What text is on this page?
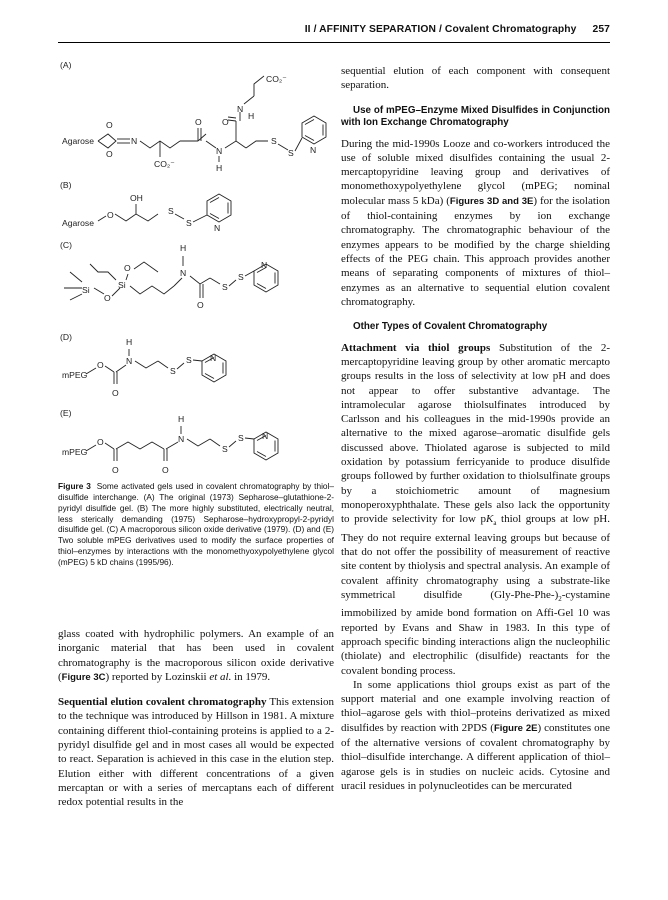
II / AFFINITY SEPARATION / Covalent Chromatography 257
(A)
Agarose
O
O
N
CO₂⁻
O
N
H
O
N
H
CO₂⁻
S
S N
(B)
Agarose
O
OH
S
S	N
(C)
Si
O
Si
O	N
H
O
S
S
N
(D)
mPEG
O
O
N
H
S
S N
(E)
mPEG
O
O	O
N
H
S
S N
Figure 3 Some activated gels used in covalent chromatography by thiol–disulfide interchange. (A) The original (1973) Sepharose–glutathione-2-pyridyl disulfide gel. (B) The more highly substituted, electrically neutral, less sterically demanding (1975) Sepharose–hydroxypropyl-2-pyridyl disulfide gel. (C) A macroporous silicon oxide derivative (1979). (D) and (E) Two soluble mPEG derivatives used to modify the surface properties of thiol–enzymes by interactions with the monomethyoxypolyethylene glycol (mPEG) 5 kD chains (1995/96).

glass coated with hydrophilic polymers. An example of an inorganic material that has been used in covalent chromatography is the macroporous silicon oxide derivative (Figure 3C) reported by Lozinskii et al. in 1979.

Sequential elution covalent chromatography This extension to the technique was introduced by Hillson in 1981. A mixture containing different thiol-containing proteins is applied to a 2-pyridyl disulfide gel and in most cases all would be expected to react. Separation is achieved in this case in the elution step. Elution either with different concentrations of a given mercaptan or with a series of mercaptans each of different redox potential results in the

sequential elution of each component with consequent separation.

Use of mPEG–Enzyme Mixed Disulfides in Conjunction with Ion Exchange Chromatography

During the mid-1990s Looze and co-workers introduced the use of soluble mixed disulfides containing the usual 2-mercaptopyridine leaving group and derivatives of monomethoxypolyethylene glycol (mPEG; nominal molecular mass 5 kDa) (Figures 3D and 3E) for the isolation of thiol-containing enzymes by ion exchange chromatography. The chromatographic behaviour of the enzymes appears to be modified by the charge shielding effects of the PEG chain. This approach provides another means of separating components of mixtures of thiol–enzymes as an alternative to sequential elution covalent chromatography.

Other Types of Covalent Chromatography

Attachment via thiol groups Substitution of the 2-mercaptopyridine leaving group by other aromatic mercapto groups results in the loss of selectivity at low pH and does not appear to offer substantive advantage. The intramolecular agarose thiolsulfinates introduced by Carlsson and his colleagues in the mid-1990s provide an alternative to the mixed agarose–aromatic disulfide gels discussed above. Thiolated agarose is subjected to mild oxidation by potassium ferricyanide to produce disulfide groups followed by further oxidation to thiolsulfinate groups by a stoichiometric amount of magnesium monoperoxyphthalate. These gels also lack the opportunity to provide selectivity for low $pK_a$ thiol groups at low pH. They do not require external leaving groups but because of that do not offer the possibility of measurement of reactive site content by thiolysis and spectral analysis. An example of covalent affinity chromatography using a substrate-like symmetrical disulfide $(Gly-Phe-Phe-)_2$-cystamine immobilized by amide bond formation on Affi-Gel 10 was reported by Evans and Shaw in 1983. In this type of approach specific binding interactions align the nucleophilic (thiolate) and electrophilic (disulfide) reactants for the covalent bonding process.

In some applications thiol groups exist as part of the support material and one example involving reaction of thiol–agarose gels with thiol–proteins derivatized as mixed disulfides by reaction with 2PDS (Figure 2E) constitutes one of the alternative versions of covalent chromatography by thiol–disulfide interchange. A different application of thiol–agarose gels is in studies on nucleic acids. Cytosine and uracil residues in polynucleotides can be mercurated
